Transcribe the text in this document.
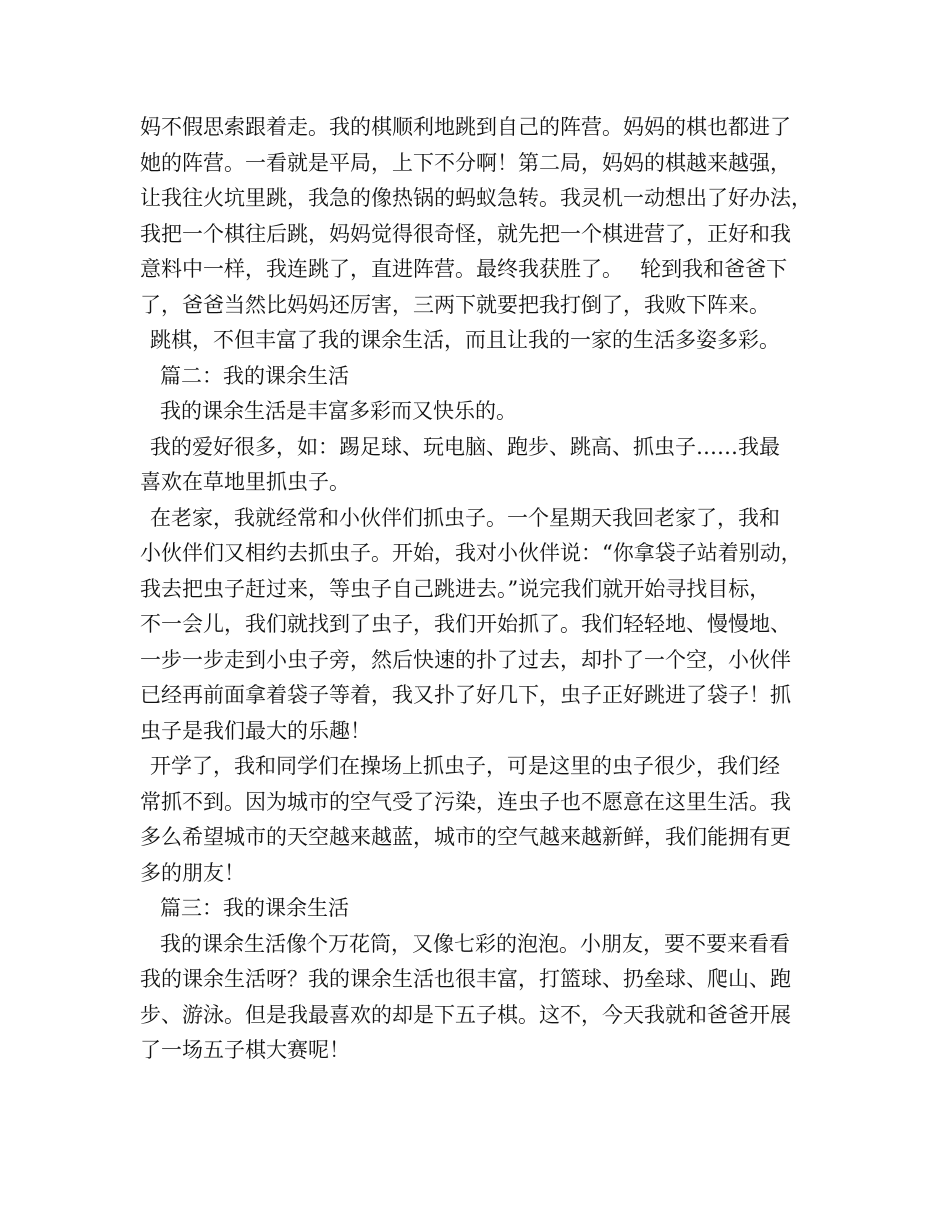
妈不假思索跟着走。我的棋顺利地跳到自己的阵营。妈妈的棋也都进了
她的阵营。一看就是平局，上下不分啊！第二局，妈妈的棋越来越强，
让我往火坑里跳，我急的像热锅的蚂蚁急转。我灵机一动想出了好办法，
我把一个棋往后跳，妈妈觉得很奇怪，就先把一个棋进营了，正好和我
意料中一样，我连跳了，直进阵营。最终我获胜了。　 轮到我和爸爸下
了，爸爸当然比妈妈还厉害，三两下就要把我打倒了，我败下阵来。
跳棋，不但丰富了我的课余生活，而且让我的一家的生活多姿多彩。
篇二：我的课余生活
我的课余生活是丰富多彩而又快乐的。
我的爱好很多，如：踢足球、玩电脑、跑步、跳高、抓虫子……我最
喜欢在草地里抓虫子。
在老家，我就经常和小伙伴们抓虫子。一个星期天我回老家了，我和
小伙伴们又相约去抓虫子。开始，我对小伙伴说：“你拿袋子站着别动，
我去把虫子赶过来，等虫子自己跳进去。”说完我们就开始寻找目标，
不一会儿，我们就找到了虫子，我们开始抓了。我们轻轻地、慢慢地、
一步一步走到小虫子旁，然后快速的扑了过去，却扑了一个空，小伙伴
已经再前面拿着袋子等着，我又扑了好几下，虫子正好跳进了袋子！抓
虫子是我们最大的乐趣！
开学了，我和同学们在操场上抓虫子，可是这里的虫子很少，我们经
常抓不到。因为城市的空气受了污染，连虫子也不愿意在这里生活。我
多么希望城市的天空越来越蓝，城市的空气越来越新鲜，我们能拥有更
多的朋友！
篇三：我的课余生活
我的课余生活像个万花筒，又像七彩的泡泡。小朋友，要不要来看看
我的课余生活呀？我的课余生活也很丰富，打篮球、扔垒球、爬山、跑
步、游泳。但是我最喜欢的却是下五子棋。这不，今天我就和爸爸开展
了一场五子棋大赛呢！
